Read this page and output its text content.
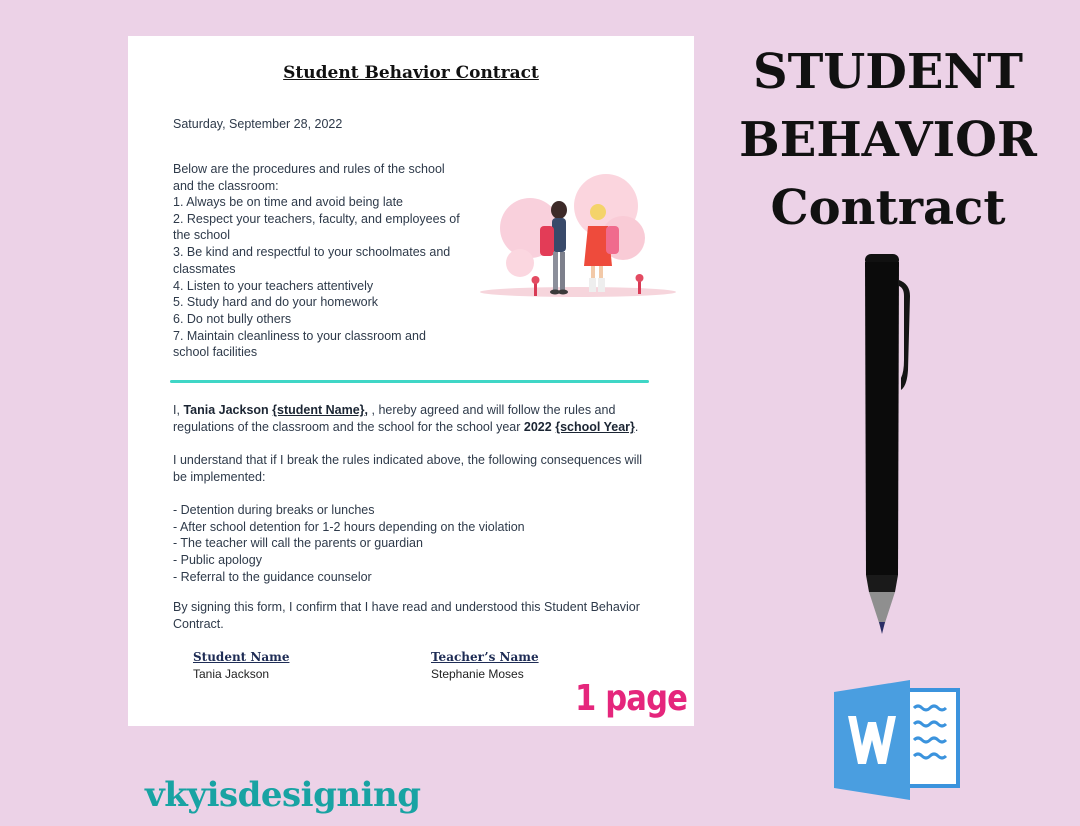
Student Behavior Contract
Saturday, September 28, 2022

Below are the procedures and rules of the school and the classroom:

1. Always be on time and avoid being late
2. Respect your teachers, faculty, and employees of the school
3. Be kind and respectful to your schoolmates and classmates
4. Listen to your teachers attentively
5. Study hard and do your homework
6. Do not bully others
7. Maintain cleanliness to your classroom and school facilities

I, Tania Jackson {student Name}, , hereby agreed and will follow the rules and regulations of the classroom and the school for the school year 2022 {school Year}.

I understand that if I break the rules indicated above, the following consequences will be implemented:

- Detention during breaks or lunches
- After school detention for 1-2 hours depending on the violation
- The teacher will call the parents or guardian
- Public apology
- Referral to the guidance counselor

By signing this form, I confirm that I have read and understood this Student Behavior Contract.

Student Name
Tania Jackson
Teacher’s Name
Stephanie Moses
1 page
STUDENT
BEHAVIOR
Contract
vkyisdesigning
